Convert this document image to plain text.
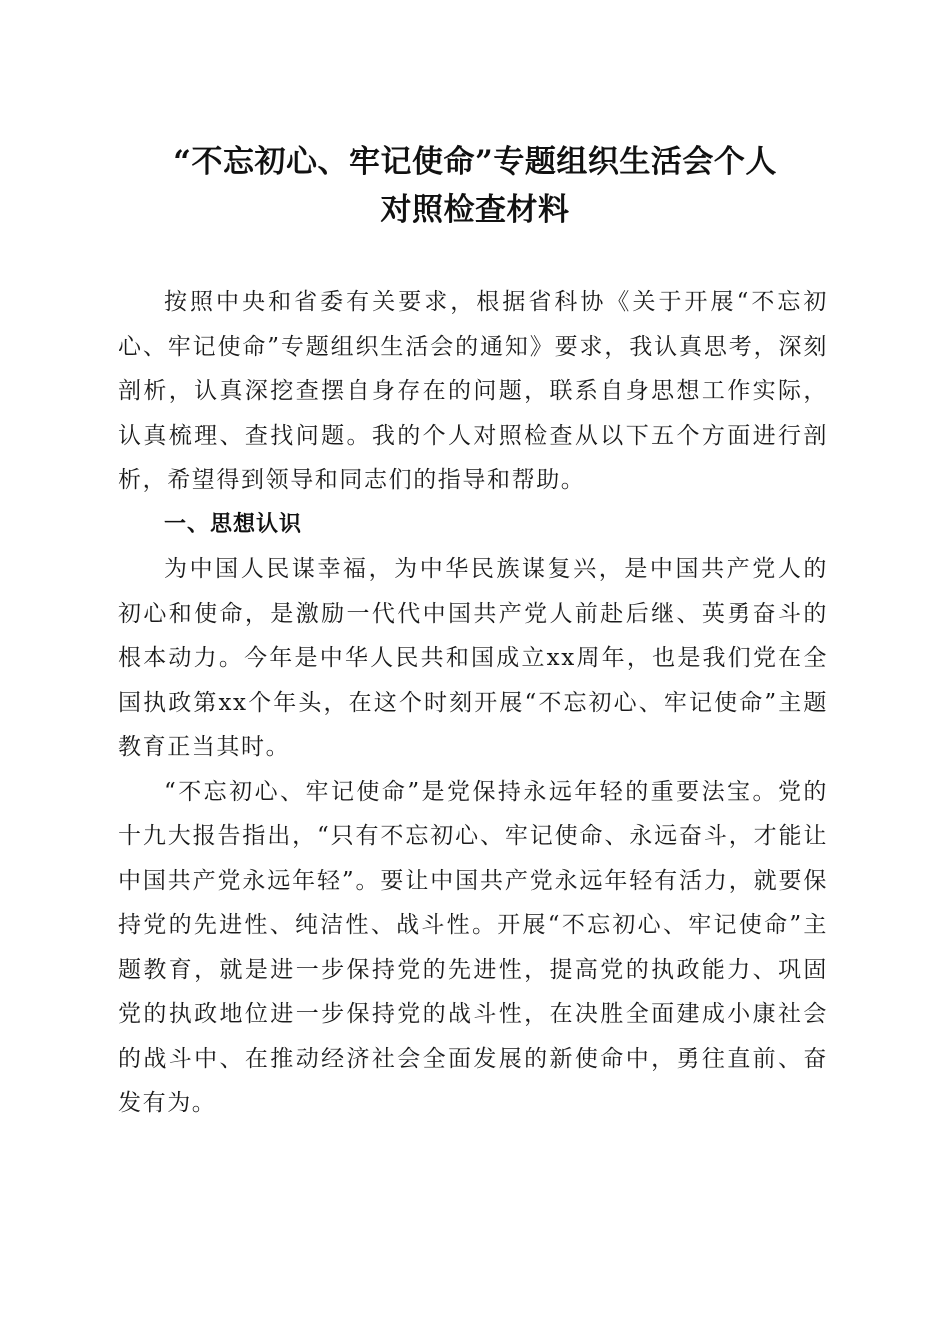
“不忘初心、牢记使命”专题组织生活会个人
对照检查材料

按照中央和省委有关要求，根据省科协《关于开展“不忘初心、牢记使命”专题组织生活会的通知》要求，我认真思考，深刻剖析，认真深挖查摆自身存在的问题，联系自身思想工作实际，认真梳理、查找问题。我的个人对照检查从以下五个方面进行剖析，希望得到领导和同志们的指导和帮助。

一、思想认识

为中国人民谋幸福，为中华民族谋复兴，是中国共产党人的初心和使命，是激励一代代中国共产党人前赴后继、英勇奋斗的根本动力。今年是中华人民共和国成立xx周年，也是我们党在全国执政第xx个年头，在这个时刻开展“不忘初心、牢记使命”主题教育正当其时。

“不忘初心、牢记使命”是党保持永远年轻的重要法宝。党的十九大报告指出，“只有不忘初心、牢记使命、永远奋斗，才能让中国共产党永远年轻”。要让中国共产党永远年轻有活力，就要保持党的先进性、纯洁性、战斗性。开展“不忘初心、牢记使命”主题教育，就是进一步保持党的先进性，提高党的执政能力、巩固党的执政地位进一步保持党的战斗性，在决胜全面建成小康社会的战斗中、在推动经济社会全面发展的新使命中，勇往直前、奋发有为。
